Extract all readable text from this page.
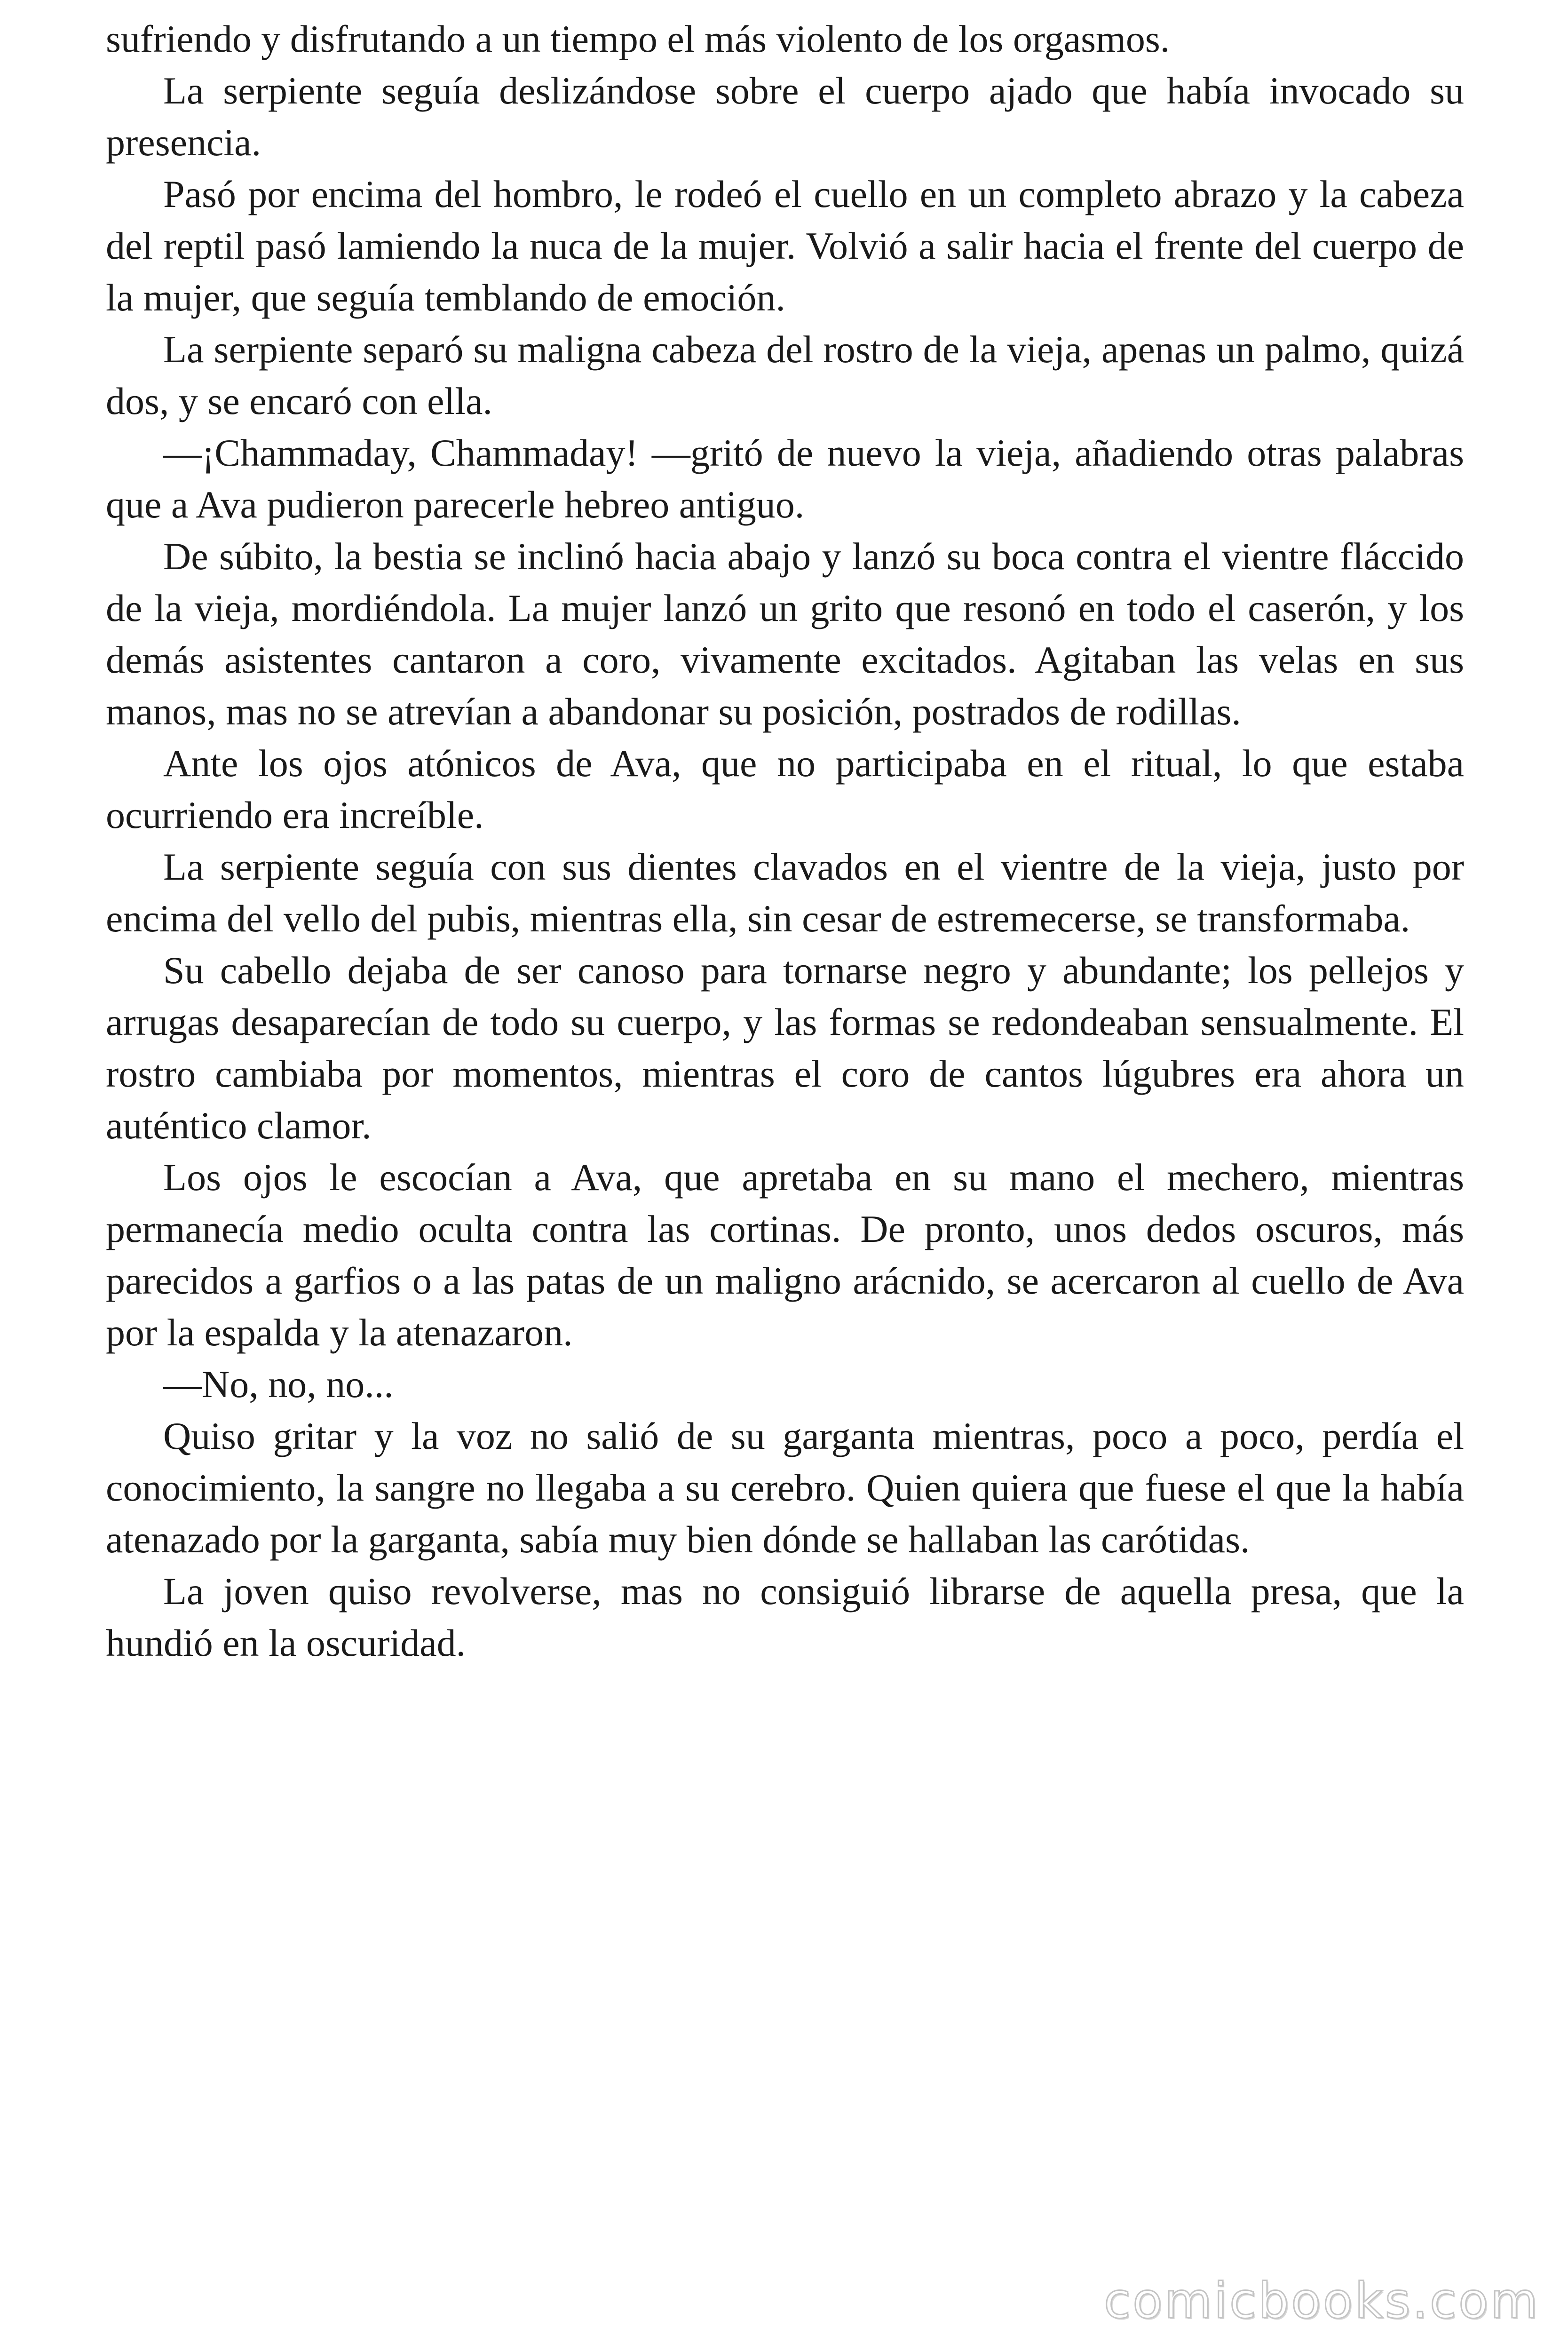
sufriendo y disfrutando a un tiempo el más violento de los orgasmos.

La serpiente seguía deslizándose sobre el cuerpo ajado que había invocado su presencia.

Pasó por encima del hombro, le rodeó el cuello en un completo abrazo y la cabeza del reptil pasó lamiendo la nuca de la mujer. Volvió a salir hacia el frente del cuerpo de la mujer, que seguía temblando de emoción.

La serpiente separó su maligna cabeza del rostro de la vieja, apenas un palmo, quizá dos, y se encaró con ella.

—¡Chammaday, Chammaday! —gritó de nuevo la vieja, añadiendo otras palabras que a Ava pudieron parecerle hebreo antiguo.

De súbito, la bestia se inclinó hacia abajo y lanzó su boca contra el vientre fláccido de la vieja, mordiéndola. La mujer lanzó un grito que resonó en todo el caserón, y los demás asistentes cantaron a coro, vivamente excitados. Agitaban las velas en sus manos, mas no se atrevían a abandonar su posición, postrados de rodillas.

Ante los ojos atónicos de Ava, que no participaba en el ritual, lo que estaba ocurriendo era increíble.

La serpiente seguía con sus dientes clavados en el vientre de la vieja, justo por encima del vello del pubis, mientras ella, sin cesar de estremecerse, se transformaba.

Su cabello dejaba de ser canoso para tornarse negro y abundante; los pellejos y arrugas desaparecían de todo su cuerpo, y las formas se redondeaban sensualmente. El rostro cambiaba por momentos, mientras el coro de cantos lúgubres era ahora un auténtico clamor.

Los ojos le escocían a Ava, que apretaba en su mano el mechero, mientras permanecía medio oculta contra las cortinas. De pronto, unos dedos oscuros, más parecidos a garfios o a las patas de un maligno arácnido, se acercaron al cuello de Ava por la espalda y la atenazaron.

—No, no, no...

Quiso gritar y la voz no salió de su garganta mientras, poco a poco, perdía el conocimiento, la sangre no llegaba a su cerebro. Quien quiera que fuese el que la había atenazado por la garganta, sabía muy bien dónde se hallaban las carótidas.

La joven quiso revolverse, mas no consiguió librarse de aquella presa, que la hundió en la oscuridad.

comicbooks.com
